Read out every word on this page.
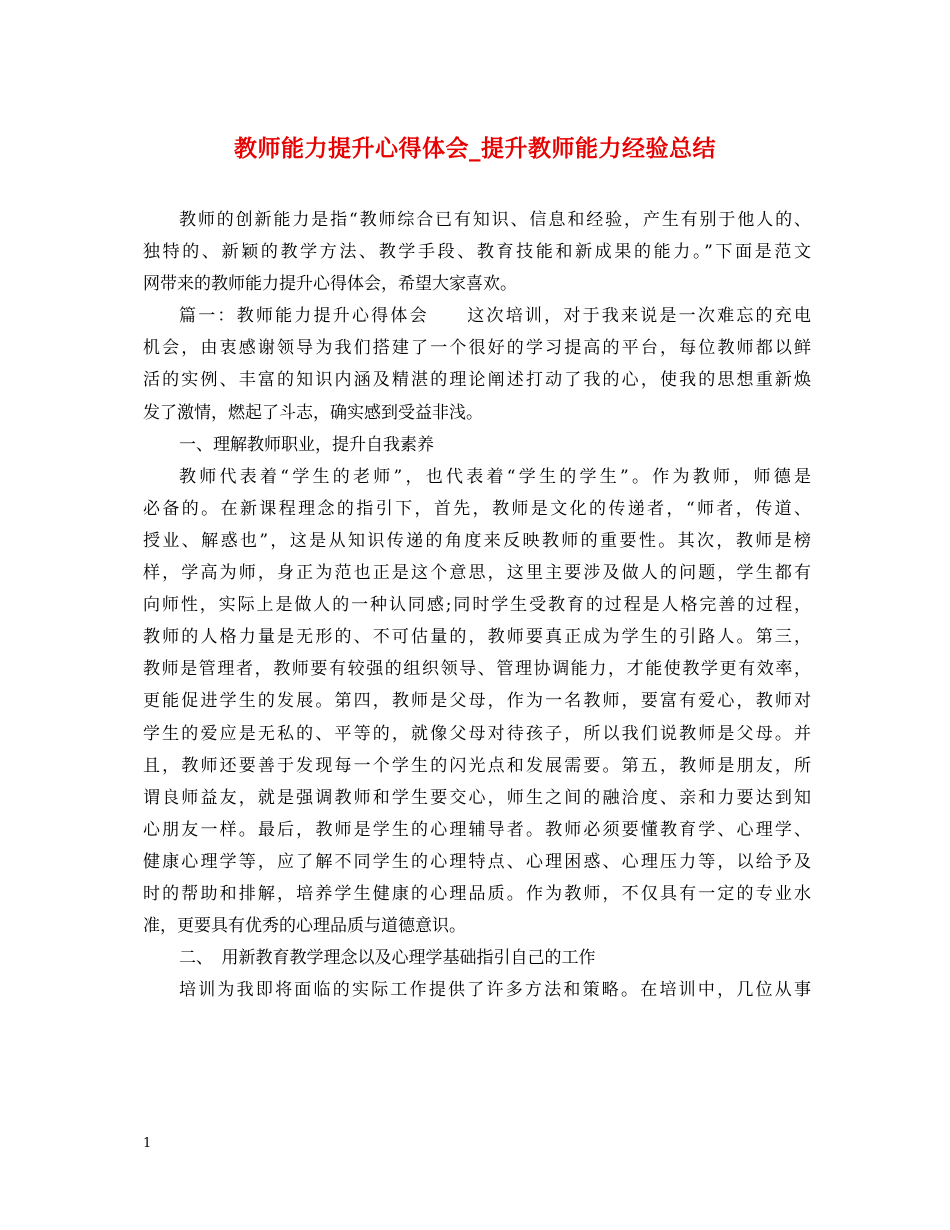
教师能力提升心得体会_提升教师能力经验总结
教师的创新能力是指“教师综合已有知识、信息和经验，产生有别于他人的、
独特的、新颖的教学方法、教学手段、教育技能和新成果的能力。”下面是范文
网带来的教师能力提升心得体会，希望大家喜欢。
篇一：教师能力提升心得体会　　这次培训，对于我来说是一次难忘的充电
机会，由衷感谢领导为我们搭建了一个很好的学习提高的平台，每位教师都以鲜
活的实例、丰富的知识内涵及精湛的理论阐述打动了我的心，使我的思想重新焕
发了激情，燃起了斗志，确实感到受益非浅。
一、理解教师职业，提升自我素养
教师代表着“学生的老师”，也代表着“学生的学生”。作为教师，师德是
必备的。在新课程理念的指引下，首先，教师是文化的传递者，“师者，传道、
授业、解惑也”，这是从知识传递的角度来反映教师的重要性。其次，教师是榜
样，学高为师，身正为范也正是这个意思，这里主要涉及做人的问题，学生都有
向师性，实际上是做人的一种认同感;同时学生受教育的过程是人格完善的过程，
教师的人格力量是无形的、不可估量的，教师要真正成为学生的引路人。第三，
教师是管理者，教师要有较强的组织领导、管理协调能力，才能使教学更有效率，
更能促进学生的发展。第四，教师是父母，作为一名教师，要富有爱心，教师对
学生的爱应是无私的、平等的，就像父母对待孩子，所以我们说教师是父母。并
且，教师还要善于发现每一个学生的闪光点和发展需要。第五，教师是朋友，所
谓良师益友，就是强调教师和学生要交心，师生之间的融洽度、亲和力要达到知
心朋友一样。最后，教师是学生的心理辅导者。教师必须要懂教育学、心理学、
健康心理学等，应了解不同学生的心理特点、心理困惑、心理压力等，以给予及
时的帮助和排解，培养学生健康的心理品质。作为教师，不仅具有一定的专业水
准，更要具有优秀的心理品质与道德意识。
二、　用新教育教学理念以及心理学基础指引自己的工作
培训为我即将面临的实际工作提供了许多方法和策略。在培训中，几位从事
1
